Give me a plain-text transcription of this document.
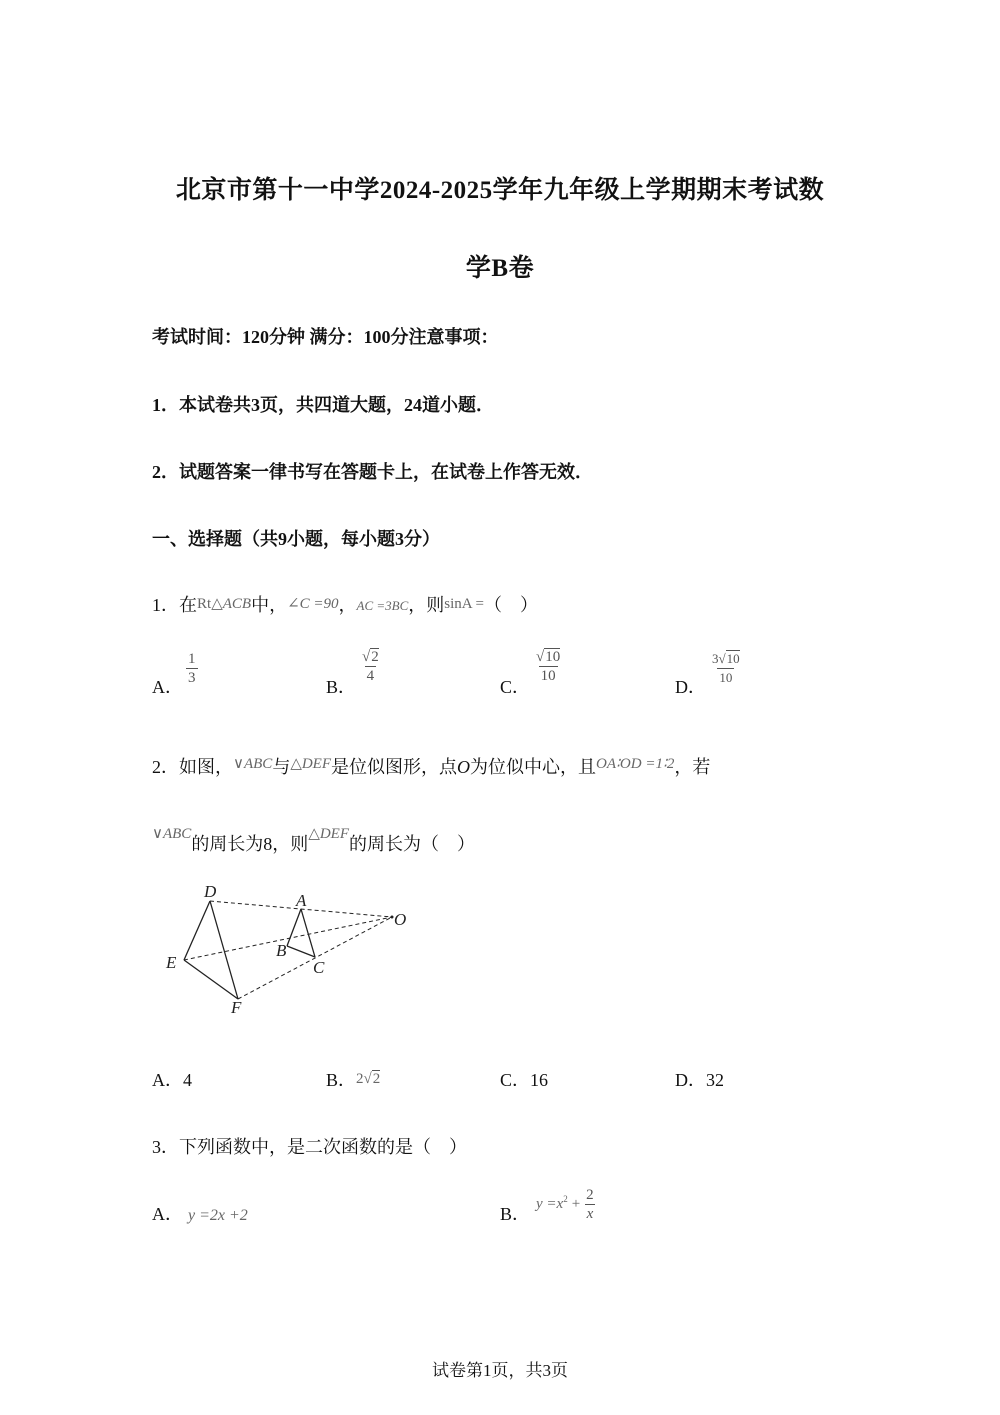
北京市第十一中学2024-2025学年九年级上学期期末考试数
学B卷
考试时间：120分钟 满分：100分注意事项：
1．本试卷共3页，共四道大题，24道小题．
2．试题答案一律书写在答题卡上，在试卷上作答无效．
一、选择题（共9小题，每小题3分）
1．在Rt△ACB中，∠C =90，AC =3BC，则sinA =（　）
A． $\frac{1}{3}$	B．
$\frac{√2}{4}$
C．
$\frac{√10}{10}$
D． $\frac{3√10}{10}$
2．如图，$^{\vee ABC}$与$^{\triangle DEF}$是位似图形，点O为位似中心，且$^{OA∶OD =1∶2}$，若
$^{\vee ABC}$的周长为8，则$^{\triangle DEF}$的周长为（　）
D	A
O
B
E	C
F
A．4	B．2√2	C．16	D．32
3．下列函数中，是二次函数的是（　）
A． y =2x +2	B． $y =x^2 + \frac{2}{x}$
试卷第1页，共3页
